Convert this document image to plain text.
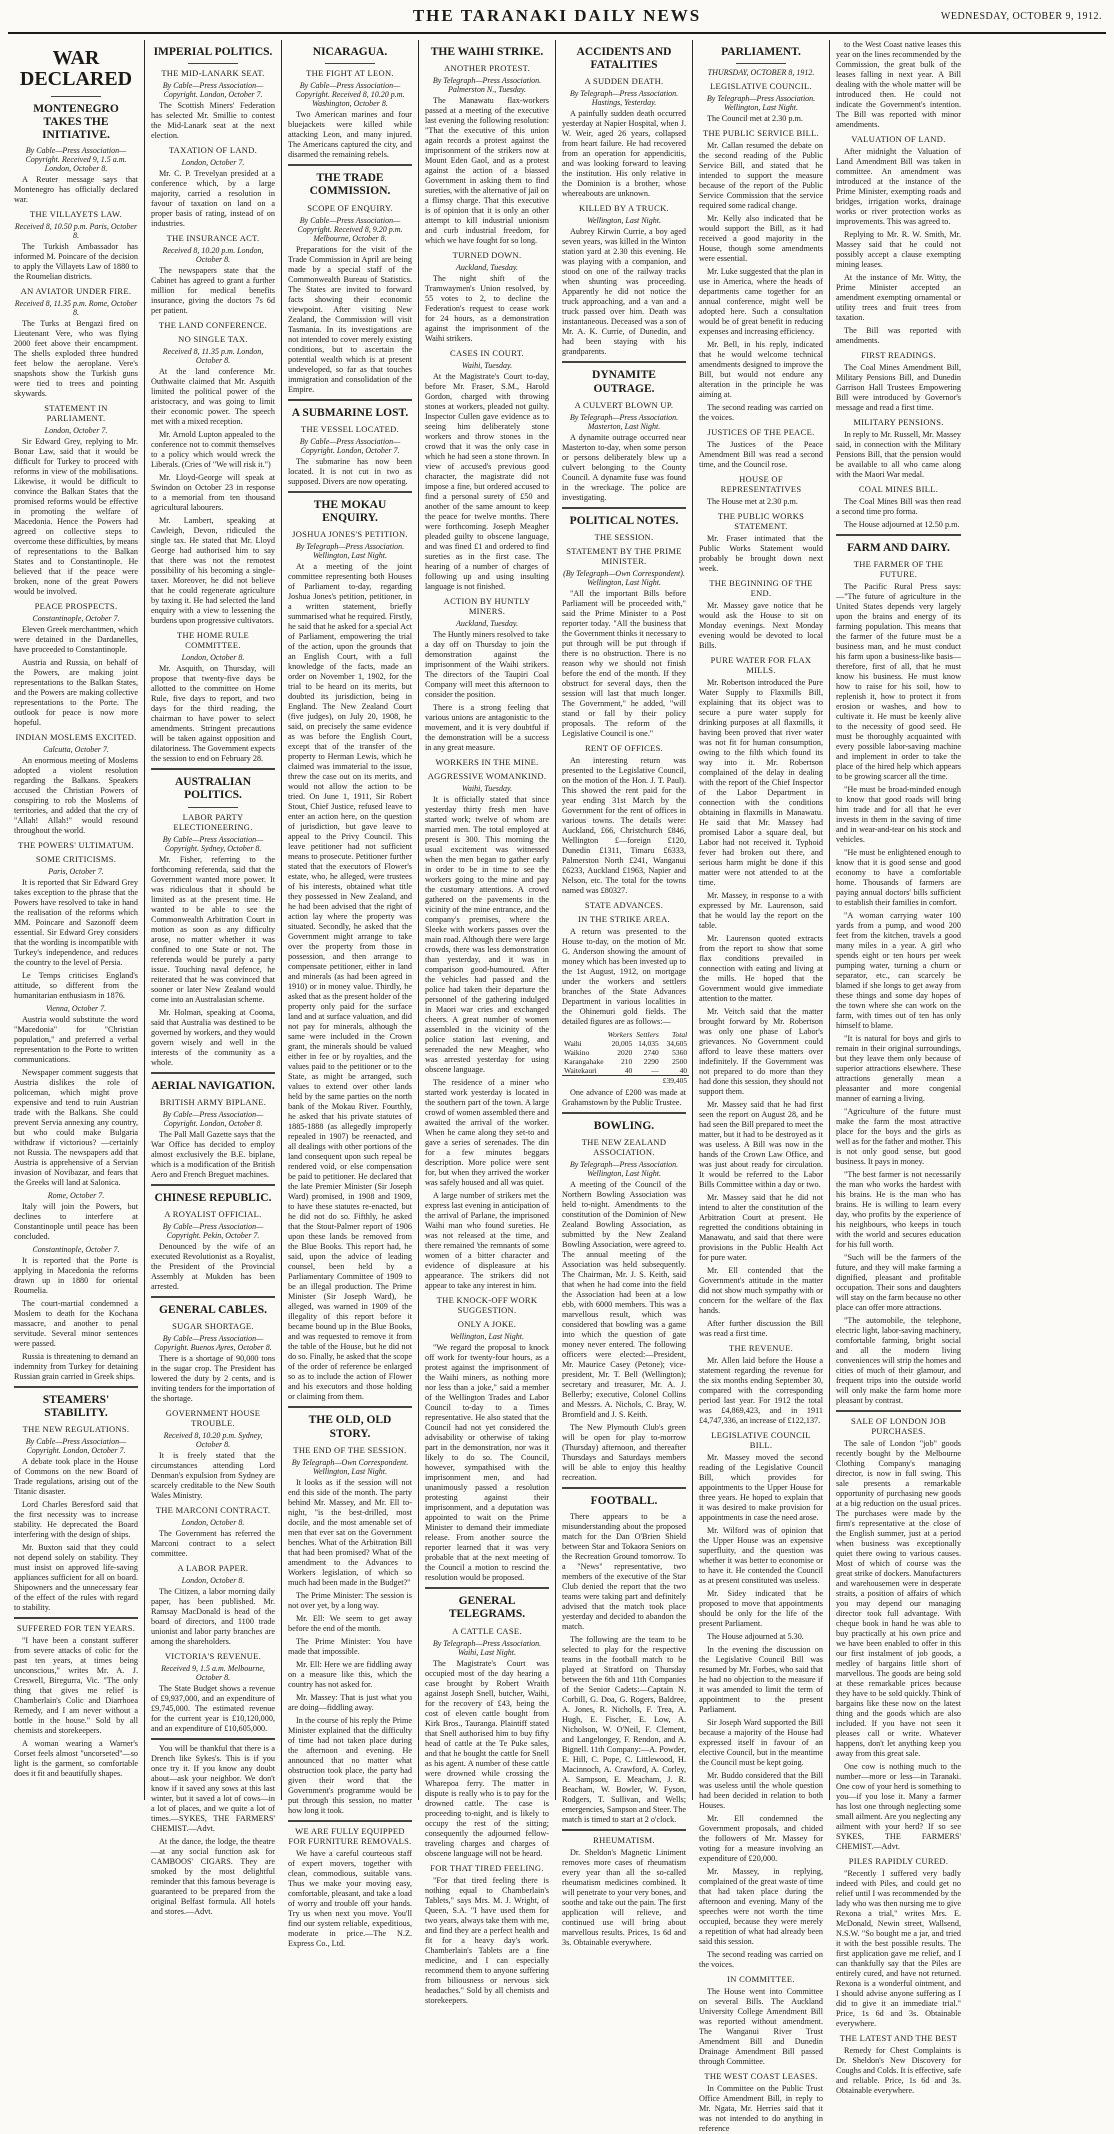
THE TARANAKI DAILY NEWS	WEDNESDAY, OCTOBER 9, 1912.
WAR DECLARED
MONTENEGRO TAKES THE INITIATIVE.
By Cable—Press Association—Copyright. Received 9, 1.5 a.m. London, October 8.
A Reuter message says that Montenegro has officially declared war.
THE VILLAYETS LAW.
Received 8, 10.50 p.m. Paris, October 8.
The Turkish Ambassador has informed M. Poincare of the decision to apply the Villayets Law of 1880 to the Roumelian districts.
AN AVIATOR UNDER FIRE.
Received 8, 11.35 p.m. Rome, October 8.
The Turks at Bengazi fired on Lieutenant Vere, who was flying 2000 feet above their encampment. The shells exploded three hundred feet below the aeroplane. Vere's snapshots show the Turkish guns were tied to trees and pointing skywards.
STATEMENT IN PARLIAMENT.
London, October 7.
Sir Edward Grey, replying to Mr. Bonar Law, said that it would be difficult for Turkey to proceed with reforms in view of the mobilisations. Likewise, it would be difficult to convince the Balkan States that the promised reforms would be effective in promoting the welfare of Macedonia. Hence the Powers had agreed on collective steps to overcome these difficulties, by means of representations to the Balkan States and to Constantinople. He believed that if the peace were broken, none of the great Powers would be involved.
PEACE PROSPECTS.
Constantinople, October 7.
Eleven Greek merchantmen, which were detained in the Dardanelles, have proceeded to Constantinople.
Austria and Russia, on behalf of the Powers, are making joint representations to the Balkan States, and the Powers are making collective representations to the Porte. The outlook for peace is now more hopeful.
INDIAN MOSLEMS EXCITED.
Calcutta, October 7.
An enormous meeting of Moslems adopted a violent resolution regarding the Balkans. Speakers accused the Christian Powers of conspiring to rob the Moslems of territories, and added that the cry of "Allah! Allah!" would resound throughout the world.
THE POWERS' ULTIMATUM.
SOME CRITICISMS.
Paris, October 7.
It is reported that Sir Edward Grey takes exception to the phrase that the Powers have resolved to take in hand the realisation of the reforms which MM. Poincare and Sazonoff deem essential. Sir Edward Grey considers that the wording is incompatible with Turkey's independence, and reduces the country to the level of Persia.
Le Temps criticises England's attitude, so different from the humanitarian enthusiasm in 1876.
Vienna, October 7.
Austria would substitute the word "Macedonia" for "Christian population," and preferred a verbal representation to the Porte to written communications.
Newspaper comment suggests that Austria dislikes the role of policeman, which might prove expensive and tend to ruin Austrian trade with the Balkans. She could prevent Servia annexing any country, but who could make Bulgaria withdraw if victorious? —certainly not Russia. The newspapers add that Austria is apprehensive of a Servian invasion of Novibazar, and fears that the Greeks will land at Salonica.
Rome, October 7.
Italy will join the Powers, but declines to interfere at Constantinople until peace has been concluded.
Constantinople, October 7.
It is reported that the Porte is applying in Macedonia the reforms drawn up in 1880 for oriental Roumelia.
The court-martial condemned a Moslem to death for the Kochana massacre, and another to penal servitude. Several minor sentences were passed.
Russia is threatening to demand an indemnity from Turkey for detaining Russian grain carried in Greek ships.
STEAMERS' STABILITY.
THE NEW REGULATIONS.
By Cable—Press Association—Copyright. London, October 7.
A debate took place in the House of Commons on the new Board of Trade regulations, arising out of the Titanic disaster.
Lord Charles Beresford said that the first necessity was to increase stability. He deprecated the Board interfering with the design of ships.
Mr. Buxton said that they could not depend solely on stability. They must insist on approved life-saving appliances sufficient for all on board. Shipowners and the unnecessary fear of the effect of the rules with regard to stability.
SUFFERED FOR TEN YEARS.
"I have been a constant sufferer from severe attacks of colic for the past ten years, at times being unconscious," writes Mr. A. J. Creswell, Biregurra, Vic. "The only thing that gives me relief is Chamberlain's Colic and Diarrhoea Remedy, and I am never without a bottle in the house." Sold by all chemists and storekeepers.
A woman wearing a Warner's Corset feels almost "uncorseted"—so light is the garment, so comfortable does it fit and beautifully shapes.
IMPERIAL POLITICS.
THE MID-LANARK SEAT.
By Cable—Press Association—Copyright. London, October 7.
The Scottish Miners' Federation has selected Mr. Smillie to contest the Mid-Lanark seat at the next election.
TAXATION OF LAND.
London, October 7.
Mr. C. P. Trevelyan presided at a conference which, by a large majority, carried a resolution in favour of taxation on land on a proper basis of rating, instead of on industries.
THE INSURANCE ACT.
Received 8, 10.20 p.m. London, October 8.
The newspapers state that the Cabinet has agreed to grant a further million for medical benefits insurance, giving the doctors 7s 6d per patient.
THE LAND CONFERENCE.
NO SINGLE TAX.
Received 8, 11.35 p.m. London, October 8.
At the land conference Mr. Outhwaite claimed that Mr. Asquith limited the political power of the aristocracy, and was going to limit their economic power. The speech met with a mixed reception.
Mr. Arnold Lupton appealed to the conference not to commit themselves to a policy which would wreck the Liberals. (Cries of "We will risk it.")
Mr. Lloyd-George will speak at Swindon on October 23 in response to a memorial from ten thousand agricultural labourers.
Mr. Lambert, speaking at Cawleigh, Devon, ridiculed the single tax. He stated that Mr. Lloyd George had authorised him to say that there was not the remotest possibility of his becoming a single-taxer. Moreover, he did not believe that he could regenerate agriculture by taxing it. He had selected the land enquiry with a view to lessening the burdens upon progressive cultivators.
THE HOME RULE COMMITTEE.
London, October 8.
Mr. Asquith, on Thursday, will propose that twenty-five days be allotted to the committee on Home Rule, five days to report, and two days for the third reading, the chairman to have power to select amendments. Stringent precautions will be taken against opposition and dilatoriness. The Government expects the session to end on February 28.
AUSTRALIAN POLITICS.
LABOR PARTY ELECTIONEERING.
By Cable—Press Association—Copyright. Sydney, October 8.
Mr. Fisher, referring to the forthcoming referenda, said that the Government wanted more power. It was ridiculous that it should be limited as at the present time. He wanted to be able to see the Commonwealth Arbitration Court in motion as soon as any difficulty arose, no matter whether it was confined to one State or not. The referenda would be purely a party issue. Touching naval defence, he reiterated that he was convinced that sooner or later New Zealand would come into an Australasian scheme.
Mr. Holman, speaking at Cooma, said that Australia was destined to be governed by workers, and they would govern wisely and well in the interests of the community as a whole.
AERIAL NAVIGATION.
BRITISH ARMY BIPLANE.
By Cable—Press Association—Copyright. London, October 8.
The Pall Mall Gazette says that the War Office has decided to employ almost exclusively the B.E. biplane, which is a modification of the British Aero and French Breguet machines.
CHINESE REPUBLIC.
A ROYALIST OFFICIAL.
By Cable—Press Association—Copyright. Pekin, October 7.
Denounced by the wife of an executed Revolutionist as a Royalist, the President of the Provincial Assembly at Mukden has been arrested.
GENERAL CABLES.
SUGAR SHORTAGE.
By Cable—Press Association—Copyright. Buenos Ayres, October 8.
There is a shortage of 90,000 tons in the sugar crop. The President has lowered the duty by 2 cents, and is inviting tenders for the importation of the shortage.
GOVERNMENT HOUSE TROUBLE.
Received 8, 10.20 p.m. Sydney, October 8.
It is freely stated that the circumstances attending Lord Denman's expulsion from Sydney are scarcely creditable to the New South Wales Ministry.
THE MARCONI CONTRACT.
London, October 8.
The Government has referred the Marconi contract to a select committee.
A LABOR PAPER.
London, October 8.
The Citizen, a labor morning daily paper, has been published. Mr. Ramsay MacDonald is head of the board of directors, and 1100 trade unionist and labor party branches are among the shareholders.
VICTORIA'S REVENUE.
Received 9, 1.5 a.m. Melbourne, October 8.
The State Budget shows a revenue of £9,937,000, and an expenditure of £9,745,000. The estimated revenue for the current year is £10,120,000, and an expenditure of £10,605,000.
You will be thankful that there is a Drench like Sykes's. This is if you once try it. If you know any doubt about—ask your neighbor. We don't know if it saved any sows at this last winter, but it saved a lot of cows—in a lot of places, and we quite a lot of times.—SYKES, THE FARMERS' CHEMIST.—Advt.
At the dance, the lodge, the theatre—at any social function ask for CAMBOOS' CIGARS. They are smoked by the most delightful reminder that this famous beverage is guaranteed to be prepared from the original Belfast formula. All hotels and stores.—Advt.
NICARAGUA.
THE FIGHT AT LEON.
By Cable—Press Association—Copyright. Received 8, 10.20 p.m. Washington, October 8.
Two American marines and four bluejackets were killed while attacking Leon, and many injured. The Americans captured the city, and disarmed the remaining rebels.
THE TRADE COMMISSION.
SCOPE OF ENQUIRY.
By Cable—Press Association—Copyright. Received 8, 9.20 p.m. Melbourne, October 8.
Preparations for the visit of the Trade Commission in April are being made by a special staff of the Commonwealth Bureau of Statistics. The States are invited to forward facts showing their economic viewpoint. After visiting New Zealand, the Commission will visit Tasmania. In its investigations are not intended to cover merely existing conditions, but to ascertain the potential wealth which is at present undeveloped, so far as that touches immigration and consolidation of the Empire.
A SUBMARINE LOST.
THE VESSEL LOCATED.
By Cable—Press Association—Copyright. London, October 7.
The submarine has now been located. It is not cut in two as supposed. Divers are now operating.
THE MOKAU ENQUIRY.
JOSHUA JONES'S PETITION.
By Telegraph—Press Association. Wellington, Last Night.
At a meeting of the joint committee representing both Houses of Parliament to-day, regarding Joshua Jones's petition, petitioner, in a written statement, briefly summarised what he required. Firstly, he said that he asked for a special Act of Parliament, empowering the trial of the action, upon the grounds that an English Court, with a full knowledge of the facts, made an order on November 1, 1902, for the trial to be heard on its merits, but doubted its jurisdiction, being in England. The New Zealand Court (five judges), on July 20, 1908, he said, on precisely the same evidence as was before the English Court, except that of the transfer of the property to Herman Lewis, which he claimed was immaterial to the issue, threw the case out on its merits, and would not allow the action to be tried. On June 1, 1911, Sir Robert Stout, Chief Justice, refused leave to enter an action here, on the question of jurisdiction, but gave leave to appeal to the Privy Council. This leave petitioner had not sufficient means to prosecute. Petitioner further stated that the executors of Flower's estate, who, he alleged, were trustees of his interests, obtained what title they possessed in New Zealand, and he had been advised that the right of action lay where the property was situated. Secondly, he asked that the Government might arrange to take over the property from those in possession, and then arrange to compensate petitioner, either in land and minerals (as had been agreed in 1910) or in money value. Thirdly, he asked that as the present holder of the property only paid for the surface land and at surface valuation, and did not pay for minerals, although the same were included in the Crown grant, the minerals should be valued either in fee or by royalties, and the values paid to the petitioner or to the State, as might be arranged, such values to extend over other lands held by the same parties on the north bank of the Mokau River. Fourthly, he asked that his private statutes of 1885-1888 (as allegedly improperly repealed in 1907) be reenacted, and all dealings with other portions of the land consequent upon such repeal be rendered void, or else compensation be paid to petitioner. He declared that the late Premier Minister (Sir Joseph Ward) promised, in 1908 and 1909, to have these statutes re-enacted, but he did not do so. Fifthly, he asked that the Stout-Palmer report of 1906 upon these lands be removed from the Blue Books. This report had, he said, upon the advice of leading counsel, been held by a Parliamentary Committee of 1909 to be an illegal production. The Prime Minister (Sir Joseph Ward), he alleged, was warned in 1909 of the illegality of this report before it became bound up in the Blue Books, and was requested to remove it from the table of the House, but he did not do so. Finally, he asked that the scope of the order of reference be enlarged so as to include the action of Flower and his executors and those holding or claiming from them.
THE OLD, OLD STORY.
THE END OF THE SESSION.
By Telegraph—Own Correspondent. Wellington, Last Night.
It looks as if the session will not end this side of the month. The party behind Mr. Massey, and Mr. Ell to-night, "is the best-drilled, most docile, and the most amenable set of men that ever sat on the Government benches. What of the Arbitration Bill that had been promised? What of the amendment to the Advances to Workers legislation, of which so much had been made in the Budget?"
The Prime Minister: The session is not over yet, by a long way.
Mr. Ell: We seem to get away before the end of the month.
The Prime Minister: You have made that impossible.
Mr. Ell: Here we are fiddling away on a measure like this, which the country has not asked for.
Mr. Massey: That is just what you are doing—fiddling away.
In the course of his reply the Prime Minister explained that the difficulty of time had not taken place during the afternoon and evening. He announced that no matter what obstruction took place, the party had given their word that the Government's programme would be put through this session, no matter how long it took.
WE ARE FULLY EQUIPPED FOR FURNITURE REMOVALS.
We have a careful courteous staff of expert movers, together with clean, commodious, suitable vans. Thus we make your moving easy, comfortable, pleasant, and take a load of worry and trouble off your hands. Try us when next you move. You'll find our system reliable, expeditious, moderate in price.—The N.Z. Express Co., Ltd.
THE WAIHI STRIKE.
ANOTHER PROTEST.
By Telegraph—Press Association. Palmerston N., Tuesday.
The Manawatu flax-workers passed at a meeting of the executive last evening the following resolution: "That the executive of this union again records a protest against the imprisonment of the strikers now at Mount Eden Gaol, and as a protest against the action of a biassed Government in asking them to find sureties, with the alternative of jail on a flimsy charge. That this executive is of opinion that it is only an other attempt to kill industrial unionism and curb industrial freedom, for which we have fought for so long.
TURNED DOWN.
Auckland, Tuesday.
The night shift of the Tramwaymen's Union resolved, by 55 votes to 2, to decline the Federation's request to cease work for 24 hours, as a demonstration against the imprisonment of the Waihi strikers.
CASES IN COURT.
Waihi, Tuesday.
At the Magistrate's Court to-day, before Mr. Fraser, S.M., Harold Gordon, charged with throwing stones at workers, pleaded not guilty. Inspector Cullen gave evidence as to seeing him deliberately stone workers and throw stones in the crowd that it was the only case in which he had seen a stone thrown. In view of accused's previous good character, the magistrate did not impose a fine, but ordered accused to find a personal surety of £50 and another of the same amount to keep the peace for twelve months. There were forthcoming. Joseph Meagher pleaded guilty to obscene language, and was fined £1 and ordered to find sureties as in the first case. The hearing of a number of charges of following up and using insulting language is not finished.
ACTION BY HUNTLY MINERS.
Auckland, Tuesday.
The Huntly miners resolved to take a day off on Thursday to join the demonstration against the imprisonment of the Waihi strikers. The directors of the Taupiri Coal Company will meet this afternoon to consider the position.
There is a strong feeling that various unions are antagonistic to the movement, and it is very doubtful if the demonstration will be a success in any great measure.
WORKERS IN THE MINE.
AGGRESSIVE WOMANKIND.
Waihi, Tuesday.
It is officially stated that since yesterday thirty fresh men have started work; twelve of whom are married men. The total employed at present is 300. This morning the usual excitement was witnessed when the men began to gather early in order to be in time to see the workers going to the mine and pay the customary attentions. A crowd gathered on the pavements in the vicinity of the mine entrance, and the company's premises, where the Sleeke with workers passes over the main road. Although there were large crowds, there was less demonstration than yesterday, and it was in comparison good-humoured. After the vehicles had passed and the police had taken their departure the personnel of the gathering indulged in Maori war cries and exchanged cheers. A great number of women assembled in the vicinity of the police station last evening, and serenaded the new Meagher, who was arrested yesterday for using obscene language.
The residence of a miner who started work yesterday is located in the southern part of the town. A large crowd of women assembled there and awaited the arrival of the worker. When he came along they set-to and gave a series of serenades. The din for a few minutes beggars description. More police were sent for, but when they arrived the worker was safely housed and all was quiet.
A large number of strikers met the express last evening in anticipation of the arrival of Parlane, the imprisoned Waihi man who found sureties. He was not released at the time, and there remained 'the remnants of some women of a bitter character and evidence of displeasure at his appearance. The strikers did not appear to take any interest in him.
THE KNOCK-OFF WORK SUGGESTION.
ONLY A JOKE.
Wellington, Last Night.
"We regard the proposal to knock off work for twenty-four hours, as a protest against the imprisonment of the Waihi miners, as nothing more nor less than a joke," said a member of the Wellington Trades and Labor Council to-day to a Times representative. He also stated that the Council had not yet considered the advisability or otherwise of taking part in the demonstration, nor was it likely to do so. The Council, however, sympathised with the imprisonment men, and had unanimously passed a resolution protesting against their imprisonment, and a deputation was appointed to wait on the Prime Minister to demand their immediate release. From another source the reporter learned that it was very probable that at the next meeting of the Council a motion to rescind the resolution would be proposed.
GENERAL TELEGRAMS.
A CATTLE CASE.
By Telegraph—Press Association. Waihi, Last Night.
The Magistrate's Court was occupied most of the day hearing a case brought by Robert Wraith against Joseph Snell, butcher, Waihi, for the recovery of £43, being the cost of eleven cattle bought from Kirk Bros., Tauranga. Plaintiff stated that Snell authorised him to buy fifty head of cattle at the Te Puke sales, and that he bought the cattle for Snell as his agent. A number of these cattle were drowned while crossing the Wharepoa ferry. The matter in dispute is really who is to pay for the drowned cattle. The case is proceeding to-night, and is likely to occupy the rest of the sitting; consequently the adjourned fellow-traveling charges and charges of obscene language will not be heard.
FOR THAT TIRED FEELING.
"For that tired feeling there is nothing equal to Chamberlain's Tablets," says Mrs. M. J. Wright, of Queen, S.A. "I have used them for two years, always take them with me, and find they are a perfect health and fit for a heavy day's work. Chamberlain's Tablets are a fine medicine, and I can especially recommend them to anyone suffering from biliousness or nervous sick headaches." Sold by all chemists and storekeepers.
ACCIDENTS AND FATALITIES
A SUDDEN DEATH.
By Telegraph—Press Association. Hastings, Yesterday.
A painfully sudden death occurred yesterday at Napier Hospital, when J. W. Weir, aged 26 years, collapsed from heart failure. He had recovered from an operation for appendicitis, and was looking forward to leaving the institution. His only relative in the Dominion is a brother, whose whereabouts are unknown.
KILLED BY A TRUCK.
Wellington, Last Night.
Aubrey Kirwin Currie, a boy aged seven years, was killed in the Winton station yard at 2.30 this evening. He was playing with a companion, and stood on one of the railway tracks when shunting was proceeding. Apparently he did not notice the truck approaching, and a van and a truck passed over him. Death was instantaneous. Deceased was a son of Mr. A. K. Currie, of Dunedin, and had been staying with his grandparents.
DYNAMITE OUTRAGE.
A CULVERT BLOWN UP.
By Telegraph—Press Association. Masterton, Last Night.
A dynamite outrage occurred near Masterton to-day, when some person or persons deliberately blew up a culvert belonging to the County Council. A dynamite fuse was found in the wreckage. The police are investigating.
POLITICAL NOTES.
THE SESSION.
STATEMENT BY THE PRIME MINISTER.
(By Telegraph—Own Correspondent). Wellington, Last Night.
"All the important Bills before Parliament will be proceeded with," said the Prime Minister to a Post reporter today. "All the business that the Government thinks it necessary to put through will be put through if there is no obstruction. There is no reason why we should not finish before the end of the month. If they obstruct for several days, then the session will last that much longer. The Government," he added, "will stand or fall by their policy proposals. The reform of the Legislative Council is one."
RENT OF OFFICES.
An interesting return was presented to the Legislative Council, on the motion of the Hon. J. T. Paul). This showed the rent paid for the year ending 31st March by the Government for the rent of offices in various towns. The details were: Auckland, £66, Christchurch £846, Wellington £—foreign £120, Dunedin £1311, Timaru £6333, Palmerston North £241, Wanganui £6233, Auckland £1963, Napier and Nelson, etc. The total for the towns named was £80327.
STATE ADVANCES.
IN THE STRIKE AREA.
A return was presented to the House to-day, on the motion of Mr. G. Anderson showing the amount of money which has been invested up to the 1st August, 1912, on mortgage under the workers and settlers branches of the State Advances Department in various localities in the Ohinemuri gold fields. The detailed figures are as follows:—
	Workers	Settlers	Total
Waihi	20,005	14,035	34,605
Waikino	2020	2740	5360
Karangahake	210	2290	2500
Waitekauri	40	—	40
			£39,405
One advance of £200 was made at Grahamstown by the Public Trustee.
BOWLING.
THE NEW ZEALAND ASSOCIATION.
By Telegraph—Press Association. Wellington, Last Night.
A meeting of the Council of the Northern Bowling Association was held to-night. Amendments to the constitution of the Dominion of New Zealand Bowling Association, as submitted by the New Zealand Bowling Association, were agreed to. The annual meeting of the Association was held subsequently. The Chairman, Mr. J. S. Keith, said that when he had come into the field the Association had been at a low ebb, with 6000 members. This was a marvellous result, which was considered that bowling was a game into which the question of gate money never entered. The following officers were elected:—President, Mr. Maurice Casey (Petone); vice-president, Mr. T. Bell (Wellington); secretary and treasurer, Mr. A. J. Bellerby; executive, Colonel Collins and Messrs. A. Nichols, C. Bray, W. Bromfield and J. S. Keith.
The New Plymouth Club's green will be open for play to-morrow (Thursday) afternoon, and thereafter Thursdays and Saturdays members will be able to enjoy this healthy recreation.
FOOTBALL.
There appears to be a misunderstanding about the proposed match for the Dan O'Brien Shield between Star and Tokaora Seniors on the Recreation Ground tomorrow. To a "News" representative, two members of the executive of the Star Club denied the report that the two teams were taking part and definitely advised that the match took place yesterday and decided to abandon the match.
The following are the team to be selected to play for the respective teams in the football match to be played at Stratford on Thursday between the 6th and 11th Companies of the Senior Cadets:—Captain N. Corbill, G. Doa, G. Rogers, Baldree, A. Jones, R. Nicholls, F. Trea, A. Hugh, E. Fischer, E. Low, A. Nicholson, W. O'Neil, F. Clement, and Langelongey, F. Rendon, and A. Bignell. 11th Company:—A. Powder, E. Hill, C. Pope, C. Littlewood, H. Macinnoch, A. Crawford, A. Corley, A. Sampson, E. Meacham, J. R. Beacham, W. Bowler, W. Fyson, Rodgers, T. Sullivan, and Wells; emergencies, Sampson and Steer. The match is timed to start at 2 o'clock.
RHEUMATISM.
Dr. Sheldon's Magnetic Liniment removes more cases of rheumatism every year than all the so-called rheumatism medicines combined. It will penetrate to your very bones, and soothe and take out the pain. The first application will relieve, and continued use will bring about marvellous results. Prices, 1s 6d and 3s. Obtainable everywhere.
PARLIAMENT.
THURSDAY, OCTOBER 8, 1912.
LEGISLATIVE COUNCIL.
By Telegraph—Press Association. Wellington, Last Night.
The Council met at 2.30 p.m.
THE PUBLIC SERVICE BILL.
Mr. Callan resumed the debate on the second reading of the Public Service Bill, and stated that he intended to support the measure because of the report of the Public Service Commission that the service required some radical change.
Mr. Kelly also indicated that he would support the Bill, as it had received a good majority in the House, though some amendments were essential.
Mr. Luke suggested that the plan in use in America, where the heads of departments came together for an annual conference, might well be adopted here. Such a consultation would be of great benefit in reducing expenses and increasing efficiency.
Mr. Bell, in his reply, indicated that he would welcome technical amendments designed to improve the Bill, but would not endure any alteration in the principle he was aiming at.
The second reading was carried on the voices.
JUSTICES OF THE PEACE.
The Justices of the Peace Amendment Bill was read a second time, and the Council rose.
HOUSE OF REPRESENTATIVES
The House met at 2.30 p.m.
THE PUBLIC WORKS STATEMENT.
Mr. Fraser intimated that the Public Works Statement would probably be brought down next week.
THE BEGINNING OF THE END.
Mr. Massey gave notice that he would ask the House to sit on Monday evenings. Next Monday evening would be devoted to local Bills.
PURE WATER FOR FLAX MILLS.
Mr. Robertson introduced the Pure Water Supply to Flaxmills Bill, explaining that its object was to secure a pure water supply for drinking purposes at all flaxmills, it having been proved that river water was not fit for human consumption, owing to the filth which found its way into it. Mr. Robertson complained of the delay in dealing with the report of the Chief Inspector of the Labor Department in connection with the conditions obtaining in flaxmills in Manawatu. He said that Mr. Massey had promised Labor a square deal, but Labor had not received it. Typhoid fever had broken out there, and serious harm might be done if this matter were not attended to at the time.
Mr. Massey, in response to a with expressed by Mr. Laurenson, said that he would lay the report on the table.
Mr. Laurenson quoted extracts from the report to show that some flax conditions prevailed in connection with eating and living at the mills. He hoped that the Government would give immediate attention to the matter.
Mr. Veitch said that the matter brought forward by Mr. Robertson was only one phase of Labor's grievances. No Government could afford to leave these matters over indefinitely. If the Government was not prepared to do more than they had done this session, they should not support them.
Mr. Massey said that he had first seen the report on August 28, and he had seen the Bill prepared to meet the matter, but it had to be destroyed as it was useless. A Bill was now in the hands of the Crown Law Office, and was just about ready for circulation. It would be referred to the Labor Bills Committee within a day or two.
Mr. Massey said that he did not intend to alter the constitution of the Arbitration Court at present. He regretted the conditions obtaining in Manawatu, and said that there were provisions in the Public Health Act for pure water.
Mr. Ell contended that the Government's attitude in the matter did not show much sympathy with or concern for the welfare of the flax hands.
After further discussion the Bill was read a first time.
THE REVENUE.
Mr. Allen laid before the House a statement regarding the revenue for the six months ending September 30, compared with the corresponding period last year. For 1912 the total was £4,869,423, and in 1911 £4,747,336, an increase of £122,137.
LEGISLATIVE COUNCIL BILL.
Mr. Massey moved the second reading of the Legislative Council Bill, which provides for appointments to the Upper House for three years. He hoped to explain that it was desired to make provision for appointments in case the need arose.
Mr. Wilford was of opinion that the Upper House was an expensive superfluity, and the question was whether it was better to economise or to have it. He contended the Council as at present constituted was useless.
Mr. Sidey indicated that he proposed to move that appointments should be only for the life of the present Parliament.
The House adjourned at 5.30.
In the evening the discussion on the Legislative Council Bill was resumed by Mr. Forbes, who said that he had no objection to the measure if it was amended to limit the term of appointment to the present Parliament.
Sir Joseph Ward supported the Bill because a majority of the House had expressed itself in favour of an elective Council, but in the meantime the Council must be kept going.
Mr. Buddo considered that the Bill was useless until the whole question had been decided in relation to both Houses.
Mr. Ell condemned the Government proposals, and chided the followers of Mr. Massey for voting for a measure involving an expenditure of £20,000.
Mr. Massey, in replying, complained of the great waste of time that had taken place during the afternoon and evening. Many of the speeches were not worth the time occupied, because they were merely a repetition of what had already been said this session.
The second reading was carried on the voices.
IN COMMITTEE.
The House went into Committee on several Bills. The Auckland University College Amendment Bill was reported without amendment. The Wanganui River Trust Amendment Bill and Dunedin Drainage Amendment Bill passed through Committee.
THE WEST COAST LEASES.
In Committee on the Public Trust Office Amendment Bill, in reply to Mr. Ngata, Mr. Herries said that it was not intended to do anything in reference
to the West Coast native leases this year on the lines recommended by the Commission, the great bulk of the leases falling in next year. A Bill dealing with the whole matter will be introduced then. He could not indicate the Government's intention. The Bill was reported with minor amendments.
VALUATION OF LAND.
After midnight the Valuation of Land Amendment Bill was taken in committee. An amendment was introduced at the instance of the Prime Minister, exempting roads and bridges, irrigation works, drainage works or river protection works as improvements. This was agreed to.
Replying to Mr. R. W. Smith, Mr. Massey said that he could not possibly accept a clause exempting mining leases.
At the instance of Mr. Witty, the Prime Minister accepted an amendment exempting ornamental or utility trees and fruit trees from taxation.
The Bill was reported with amendments.
FIRST READINGS.
The Coal Mines Amendment Bill, Military Pensions Bill, and Dunedin Garrison Hall Trustees Empowering Bill were introduced by Governor's message and read a first time.
MILITARY PENSIONS.
In reply to Mr. Russell, Mr. Massey said, in connection with the Military Pensions Bill, that the pension would be available to all who came along with the Maori War medal.
COAL MINES BILL.
The Coal Mines Bill was then read a second time pro forma.
The House adjourned at 12.50 p.m.
FARM AND DAIRY.
THE FARMER OF THE FUTURE.
The Pacific Rural Press says:—"The future of agriculture in the United States depends very largely upon the brains and energy of its farming population. This means that the farmer of the future must be a business man, and he must conduct his farm upon a business-like basis—therefore, first of all, that he must know his business. He must know how to raise for his soil, how to replenish it, how to protect it from erosion or washes, and how to cultivate it. He must be keenly alive to the necessity of good seed. He must be thoroughly acquainted with every possible labor-saving machine and implement in order to take the place of the hired help which appears to be growing scarcer all the time.
"He must be broad-minded enough to know that good roads will bring him trade and for all that he ever invests in them in the saving of time and in wear-and-tear on his stock and vehicles.
"He must be enlightened enough to know that it is good sense and good economy to have a comfortable home. Thousands of farmers are paying annual doctors' bills sufficient to establish their families in comfort.
"A woman carrying water 100 yards from a pump, and wood 200 feet from the kitchen, travels a good many miles in a year. A girl who spends eight or ten hours per week pumping water, turning a churn or separator, etc., can scarcely be blamed if she longs to get away from these things and some day hopes of the town where she can work on the farm, with times out of ten has only himself to blame.
"It is natural for boys and girls to remain in their original surroundings, but they leave them only because of superior attractions elsewhere. These attractions generally mean a pleasanter and more congenial manner of earning a living.
"Agriculture of the future must make the farm the most attractive place for the boys and the girls as well as for the father and mother. This is not only good sense, but good business. It pays in money.
"The best farmer is not necessarily the man who works the hardest with his brains. He is the man who has brains. He is willing to learn every day, who profits by the experience of his neighbours, who keeps in touch with the world and secures education for his full worth.
"Such will be the farmers of the future, and they will make farming a dignified, pleasant and profitable occupation. Their sons and daughters will stay on the farm because no other place can offer more attractions.
"The automobile, the telephone, electric light, labor-saving machinery, comfortable farming, bright social and all the modern living conveniences will strip the homes and cities of much of their glamour, and frequent trips into the outside world will only make the farm home more pleasant by contrast.
SALE OF LONDON JOB PURCHASES.
The sale of London "job" goods recently bought by the Melbourne Clothing Company's managing director, is now in full swing. This sale presents a remarkable opportunity of purchasing new goods at a big reduction on the usual prices. The purchases were made by the firm's representative at the close of the English summer, just at a period when business was exceptionally quiet there owing to various causes. Most of which of course was the great strike of dockers. Manufacturers and warehousemen were in desperate straits, a position of affairs of which you may depend our managing director took full advantage. With cheque book in hand he was able to buy practically at his own price and we have been enabled to offer in this our first instalment of job goods, a medley of bargains little short of marvellous. The goods are being sold at these remarkable prices because they have to be sold quickly. Think of bargains like these now on the latest thing and the goods which are also included. If you have not seen it pleases call or write. Whatever happens, don't let anything keep you away from this great sale.
One cow is nothing much to the number—more or less—in Taranaki. One cow of your herd is something to you—if you lose it. Many a farmer has lost one through neglecting some small ailment. Are you neglecting any ailment with your herd? If so see SYKES, THE FARMERS' CHEMIST.—Advt.
PILES RAPIDLY CURED.
"Recently I suffered very badly indeed with Piles, and could get no relief until I was recommended by the lady who was then nursing me to give Rexona a trial," writes Mrs. E. McDonald, Newin street, Wallsend, N.S.W. "So bought me a jar, and tried it with the best possible results. The first application gave me relief, and I can thankfully say that the Piles are entirely cured, and have not returned. Rexona is a wonderful ointment, and I should advise anyone suffering as I did to give it an immediate trial." Price, 1s 6d and 3s. Obtainable everywhere.
THE LATEST AND THE BEST
Remedy for Chest Complaints is Dr. Sheldon's New Discovery for Coughs and Colds. It is effective, safe and reliable. Price, 1s 6d and 3s. Obtainable everywhere.
